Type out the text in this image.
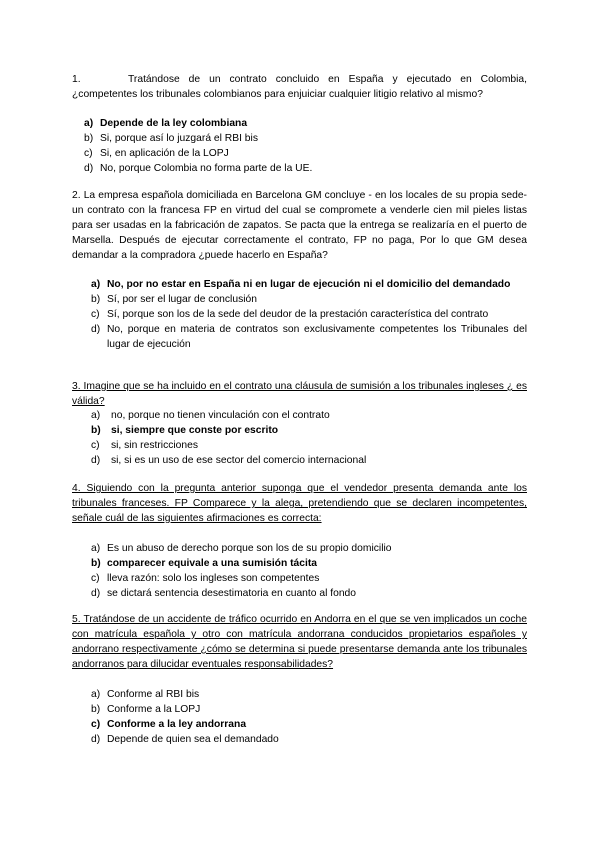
1.	Tratándose de un contrato concluido en España y ejecutado en Colombia, ¿competentes los tribunales colombianos para enjuiciar cualquier litigio relativo al mismo?

a) Depende de la ley colombiana
b) Si, porque así lo juzgará el RBI bis
c) Si, en aplicación de la LOPJ
d) No, porque Colombia no forma parte de la UE.

2. La empresa española domiciliada en Barcelona GM concluye - en los locales de su propia sede- un contrato con la francesa FP en virtud del cual se compromete a venderle cien mil pieles listas para ser usadas en la fabricación de zapatos. Se pacta que la entrega se realizaría en el puerto de Marsella. Después de ejecutar correctamente el contrato, FP no paga, Por lo que GM desea demandar a la compradora ¿puede hacerlo en España?

a) No, por no estar en España ni en lugar de ejecución ni el domicilio del demandado
b) Sí, por ser el lugar de conclusión
c) Sí, porque son los de la sede del deudor de la prestación característica del contrato
d) No, porque en materia de contratos son exclusivamente competentes los Tribunales del lugar de ejecución

3. Imagine que se ha incluido en el contrato una cláusula de sumisión a los tribunales ingleses ¿ es válida?

a) no, porque no tienen vinculación con el contrato
b) si, siempre que conste por escrito
c) si, sin restricciones
d) si, si es un uso de ese sector del comercio internacional

4. Siguiendo con la pregunta anterior suponga que el vendedor presenta demanda ante los tribunales franceses. FP Comparece y la alega, pretendiendo que se declaren incompetentes, señale cuál de las siguientes afirmaciones es correcta:

a) Es un abuso de derecho porque son los de su propio domicilio
b) comparecer equivale a una sumisión tácita
c) lleva razón: solo los ingleses son competentes
d) se dictará sentencia desestimatoria en cuanto al fondo

5. Tratándose de un accidente de tráfico ocurrido en Andorra en el que se ven implicados un coche con matrícula española y otro con matrícula andorrana conducidos propietarios españoles y andorrano respectivamente ¿cómo se determina si puede presentarse demanda ante los tribunales andorranos para dilucidar eventuales responsabilidades?

a) Conforme al RBI bis
b) Conforme a la LOPJ
c) Conforme a la ley andorrana
d) Depende de quien sea el demandado
